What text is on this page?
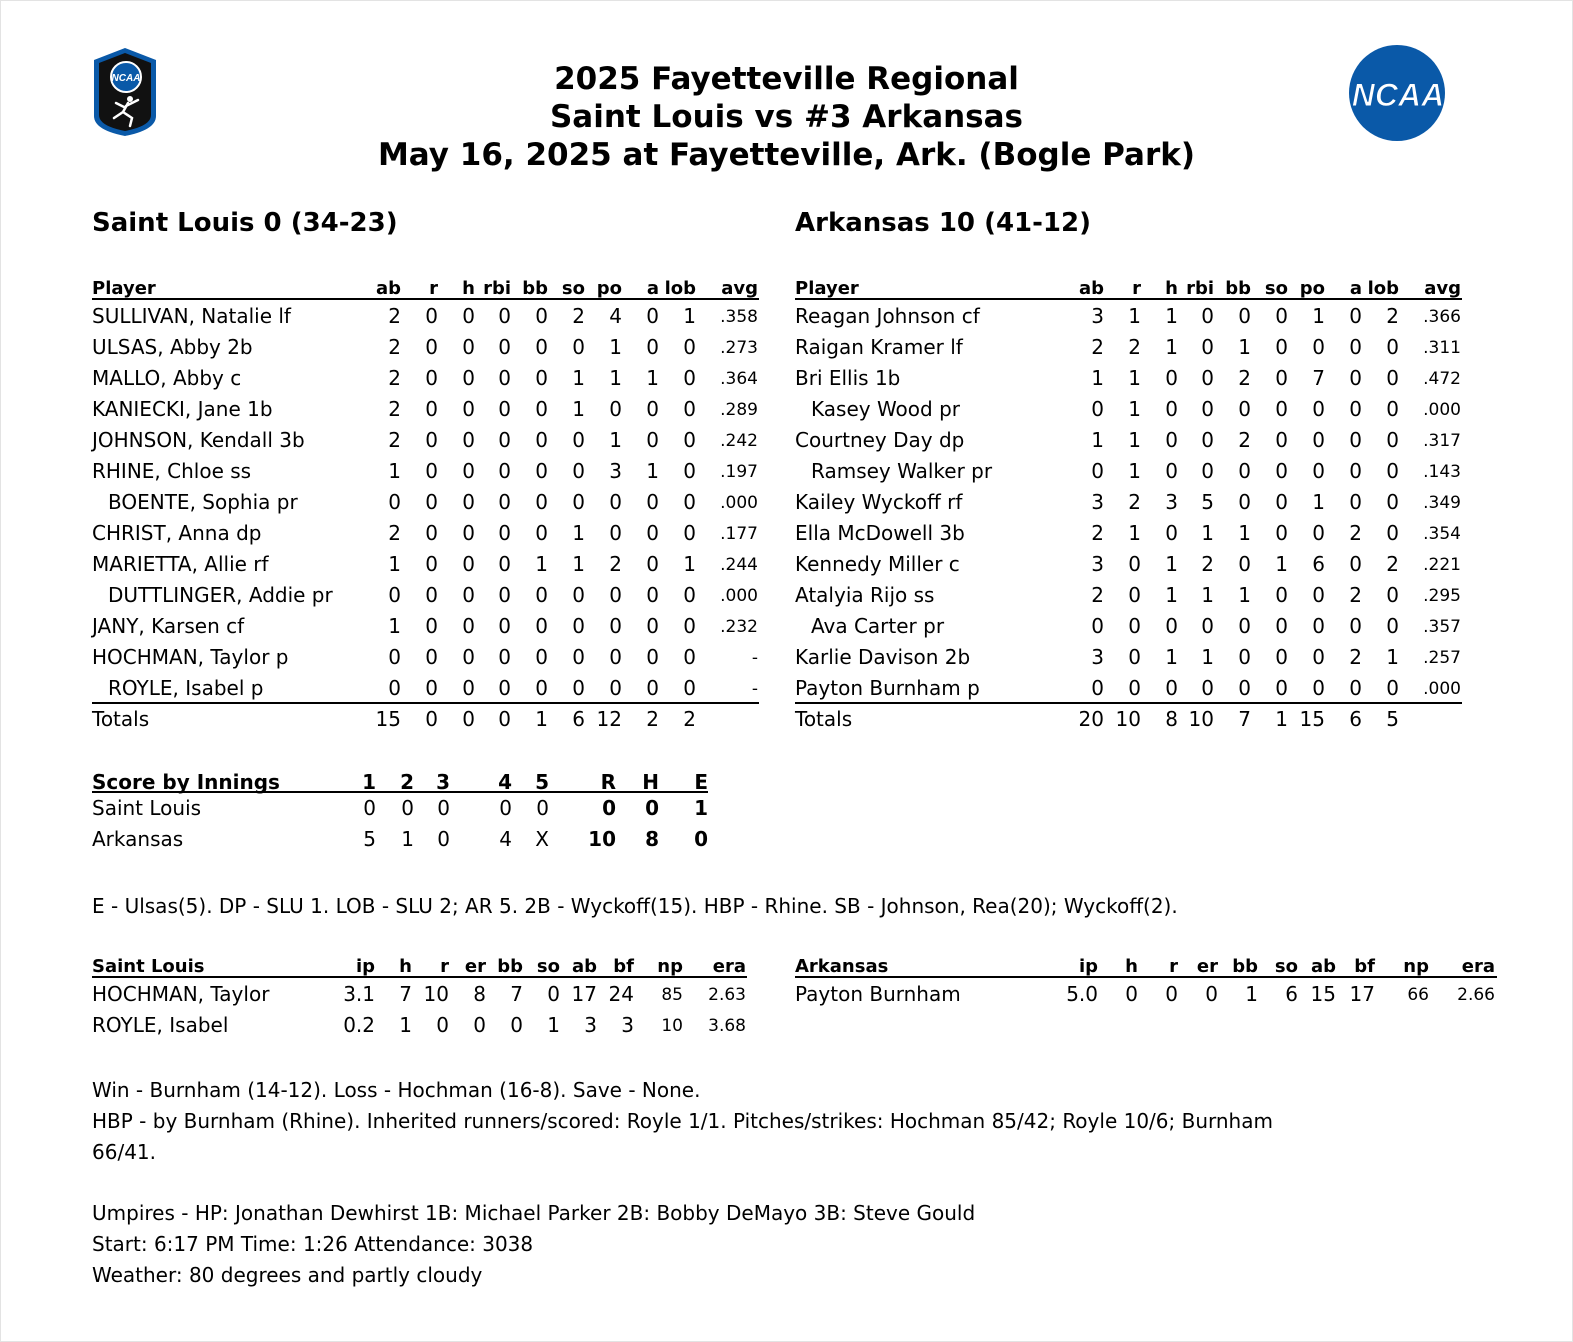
NCAA	NCAA
2025 Fayetteville Regional
Saint Louis vs #3 Arkansas
May 16, 2025 at Fayetteville, Ark. (Bogle Park)
Saint Louis 0 (34-23)	Arkansas 10 (41-12)
Player	ab	r	h rbi bb so po	a lob	avg
SULLIVAN, Natalie lf	2	0	0	0	0	2	4	0	1	.358
ULSAS, Abby 2b	2	0	0	0	0	0	1	0	0	.273
MALLO, Abby c	2	0	0	0	0	1	1	1	0	.364
KANIECKI, Jane 1b	2	0	0	0	0	1	0	0	0	.289
JOHNSON, Kendall 3b	2	0	0	0	0	0	1	0	0	.242
RHINE, Chloe ss	1	0	0	0	0	0	3	1	0	.197
BOENTE, Sophia pr	0	0	0	0	0	0	0	0	0	.000
CHRIST, Anna dp	2	0	0	0	0	1	0	0	0	.177
MARIETTA, Allie rf	1	0	0	0	1	1	2	0	1	.244
DUTTLINGER, Addie pr	0	0	0	0	0	0	0	0	0	.000
JANY, Karsen cf	1	0	0	0	0	0	0	0	0	.232
HOCHMAN, Taylor p	0	0	0	0	0	0	0	0	0	-
ROYLE, Isabel p	0	0	0	0	0	0	0	0	0	-
Totals	15	0	0	0	1	6 12	2	2
Player	ab	r	h rbi bb so po	a lob	avg
Reagan Johnson cf	3	1	1	0	0	0	1	0	2	.366
Raigan Kramer lf	2	2	1	0	1	0	0	0	0	.311
Bri Ellis 1b	1	1	0	0	2	0	7	0	0	.472
Kasey Wood pr	0	1	0	0	0	0	0	0	0	.000
Courtney Day dp	1	1	0	0	2	0	0	0	0	.317
Ramsey Walker pr	0	1	0	0	0	0	0	0	0	.143
Kailey Wyckoff rf	3	2	3	5	0	0	1	0	0	.349
Ella McDowell 3b	2	1	0	1	1	0	0	2	0	.354
Kennedy Miller c	3	0	1	2	0	1	6	0	2	.221
Atalyia Rijo ss	2	0	1	1	1	0	0	2	0	.295
Ava Carter pr	0	0	0	0	0	0	0	0	0	.357
Karlie Davison 2b	3	0	1	1	0	0	0	2	1	.257
Payton Burnham p	0	0	0	0	0	0	0	0	0	.000
Totals	20 10	8 10	7	1 15	6	5
Score by Innings	1	2	3	4	5	R	H	E
Saint Louis	0	0	0	0	0	0	0	1
Arkansas	5	1	0	4	X	10	8	0
E - Ulsas(5). DP - SLU 1. LOB - SLU 2; AR 5. 2B - Wyckoff(15). HBP - Rhine. SB - Johnson, Rea(20); Wyckoff(2).
Saint Louis	ip	h	r er bb so ab bf	np	era
HOCHMAN, Taylor	3.1	7 10	8	7	0 17 24	85	2.63
ROYLE, Isabel	0.2	1	0	0	0	1	3	3	10	3.68
Arkansas	ip	h	r	er bb so ab	bf	np	era
Payton Burnham	5.0	0	0	0	1	6 15 17	66	2.66
Win - Burnham (14-12). Loss - Hochman (16-8). Save - None.
HBP - by Burnham (Rhine). Inherited runners/scored: Royle 1/1. Pitches/strikes: Hochman 85/42; Royle 10/6; Burnham
66/41.
Umpires - HP: Jonathan Dewhirst 1B: Michael Parker 2B: Bobby DeMayo 3B: Steve Gould
Start: 6:17 PM Time: 1:26 Attendance: 3038
Weather: 80 degrees and partly cloudy
